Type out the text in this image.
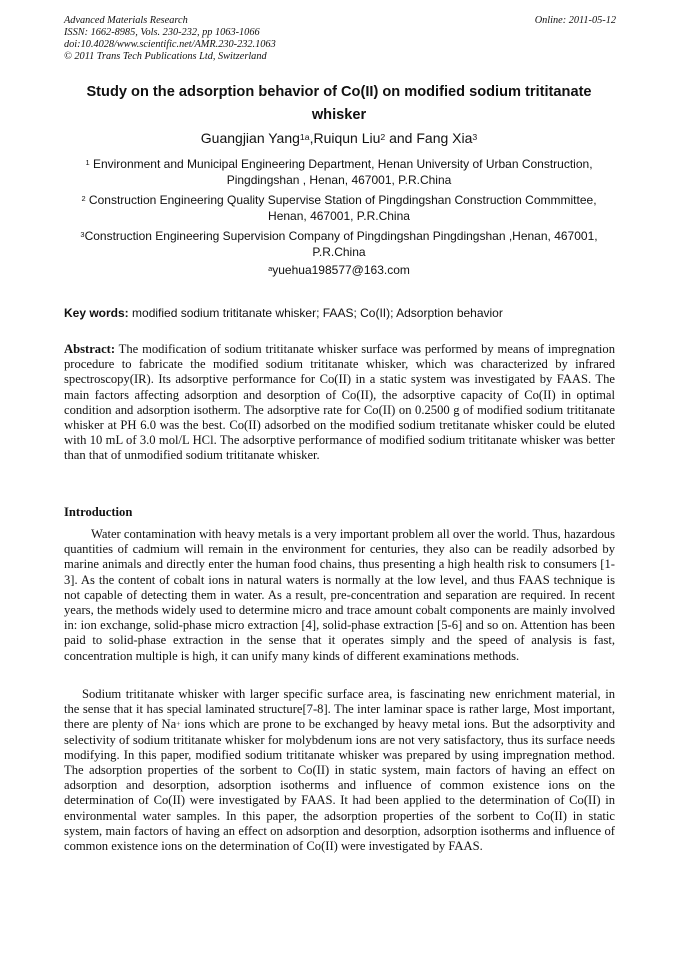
Advanced Materials Research
ISSN: 1662-8985, Vols. 230-232, pp 1063-1066
doi:10.4028/www.scientific.net/AMR.230-232.1063
© 2011 Trans Tech Publications Ltd, Switzerland
Online: 2011-05-12
Study on the adsorption behavior of Co(II) on modified sodium trititanate whisker
Guangjian Yang$^{1a}$,Ruiqun Liu$^2$ and Fang Xia$^3$
$^1$ Environment and Municipal Engineering Department, Henan University of Urban Construction, Pingdingshan , Henan, 467001, P.R.China
$^2$ Construction Engineering Quality Supervise Station of Pingdingshan Construction Commmittee, Henan, 467001, P.R.China
$^3$Construction Engineering Supervision Company of Pingdingshan Pingdingshan ,Henan, 467001, P.R.China
$^a$yuehua198577@163.com
Key words: modified sodium trititanate whisker; FAAS; Co(II); Adsorption behavior
Abstract: The modification of sodium trititanate whisker surface was performed by means of impregnation procedure to fabricate the modified sodium trititanate whisker, which was characterized by infrared spectroscopy(IR). Its adsorptive performance for Co(II) in a static system was investigated by FAAS. The main factors affecting adsorption and desorption of Co(II), the adsorptive capacity of Co(II) in optimal condition and adsorption isotherm. The adsorptive rate for Co(II) on 0.2500 g of modified sodium trititanate whisker at PH 6.0 was the best. Co(II) adsorbed on the modified sodium tretitanate whisker could be eluted with 10 mL of 3.0 mol/L HCl. The adsorptive performance of modified sodium trititanate whisker was better than that of unmodified sodium trititanate whisker.
Introduction

Water contamination with heavy metals is a very important problem all over the world. Thus, hazardous quantities of cadmium will remain in the environment for centuries, they also can be readily adsorbed by marine animals and directly enter the human food chains, thus presenting a high health risk to consumers [1-3]. As the content of cobalt ions in natural waters is normally at the low level, and thus FAAS technique is not capable of detecting them in water. As a result, pre-concentration and separation are required. In recent years, the methods widely used to determine micro and trace amount cobalt components are mainly involved in: ion exchange, solid-phase micro extraction [4], solid-phase extraction [5-6] and so on. Attention has been paid to solid-phase extraction in the sense that it operates simply and the speed of analysis is fast, concentration multiple is high, it can unify many kinds of different examinations methods.

Sodium trititanate whisker with larger specific surface area, is fascinating new enrichment material, in the sense that it has special laminated structure[7-8]. The inter laminar space is rather large, Most important, there are plenty of Na+ ions which are prone to be exchanged by heavy metal ions. But the adsorptivity and selectivity of sodium trititanate whisker for molybdenum ions are not very satisfactory, thus its surface needs modifying. In this paper, modified sodium trititanate whisker was prepared by using impregnation method. The adsorption properties of the sorbent to Co(II) in static system, main factors of having an effect on adsorption and desorption, adsorption isotherms and influence of common existence ions on the determination of Co(II) were investigated by FAAS. It had been applied to the determination of Co(II) in environmental water samples. In this paper, the adsorption properties of the sorbent to Co(II) in static system, main factors of having an effect on adsorption and desorption, adsorption isotherms and influence of common existence ions on the determination of Co(II) were investigated by FAAS.
